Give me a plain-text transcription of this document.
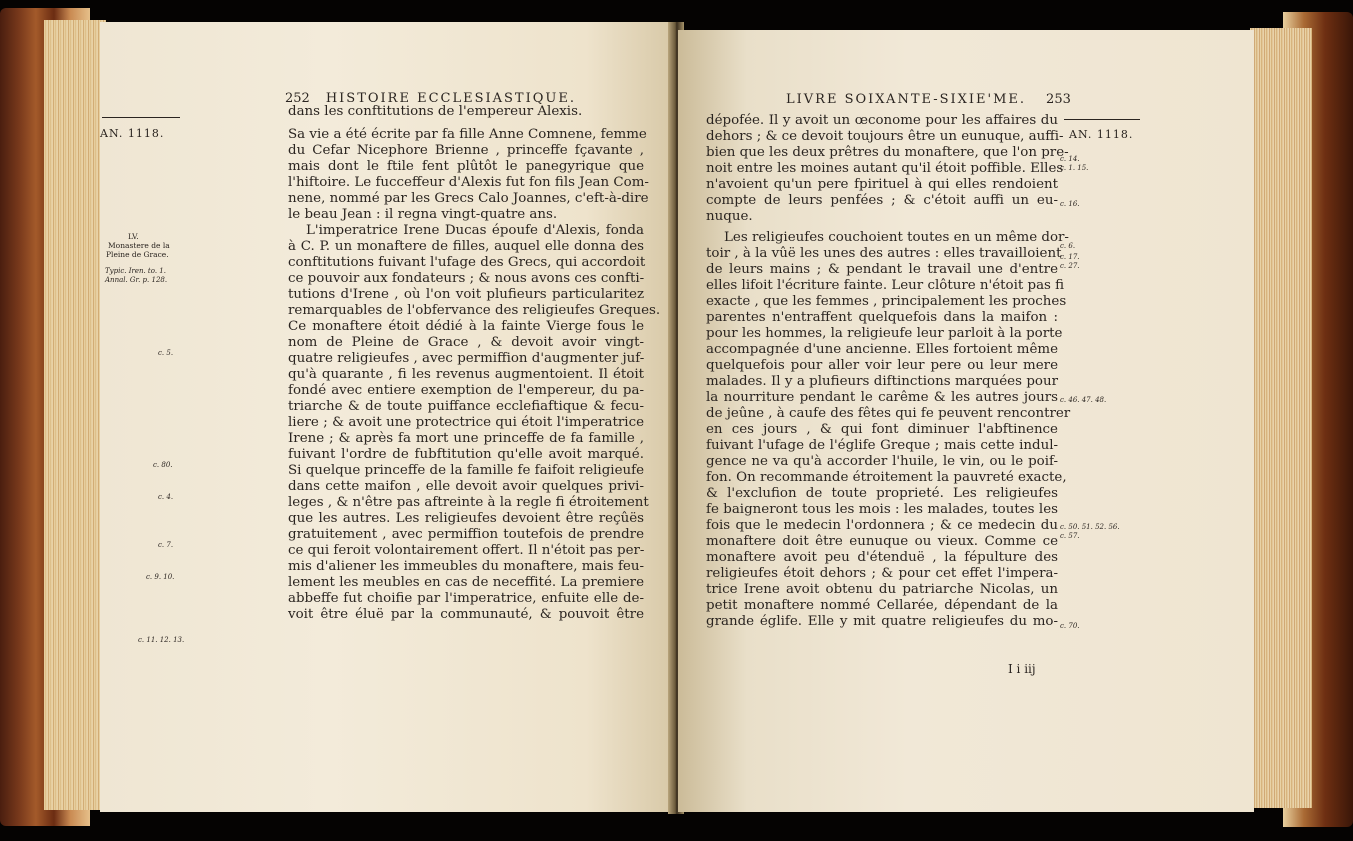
252 HISTOIRE ECCLESIASTIQUE.
AN. 1118.
LV.
Monastere de la
Pleine de Grace.
Typic. Iren. to. 1.
Annal. Gr. p. 128.
c. 5.
c. 80.
c. 4.
c. 7.
c. 9. 10.
c. 11. 12. 13.
dans les conftitutions de l'empereur Alexis.
Sa vie a été écrite par fa fille Anne Comnene, femme
du Cefar Nicephore Brienne , princeffe fçavante ,
mais dont le ftile fent plûtôt le panegyrique que
l'hiftoire. Le fucceffeur d'Alexis fut fon fils Jean Com-
nene, nommé par les Grecs Calo Joannes, c'eft-à-dire
le beau Jean : il regna vingt-quatre ans.
L'imperatrice Irene Ducas époufe d'Alexis, fonda
à C. P. un monaftere de filles, auquel elle donna des
conftitutions fuivant l'ufage des Grecs, qui accordoit
ce pouvoir aux fondateurs ; & nous avons ces confti-
tutions d'Irene , où l'on voit plufieurs particularitez
remarquables de l'obfervance des religieufes Greques.
Ce monaftere étoit dédié à la fainte Vierge fous le
nom de Pleine de Grace , & devoit avoir vingt-
quatre religieufes , avec permiffion d'augmenter juf-
qu'à quarante , fi les revenus augmentoient. Il étoit
fondé avec entiere exemption de l'empereur, du pa-
triarche & de toute puiffance ecclefiaftique & fecu-
liere ; & avoit une protectrice qui étoit l'imperatrice
Irene ; & après fa mort une princeffe de fa famille ,
fuivant l'ordre de fubftitution qu'elle avoit marqué.
Si quelque princeffe de la famille fe faifoit religieufe
dans cette maifon , elle devoit avoir quelques privi-
leges , & n'être pas aftreinte à la regle fi étroitement
que les autres. Les religieufes devoient être reçûës
gratuitement , avec permiffion toutefois de prendre
ce qui feroit volontairement offert. Il n'étoit pas per-
mis d'aliener les immeubles du monaftere, mais feu-
lement les meubles en cas de neceffité. La premiere
abbeffe fut choifie par l'imperatrice, enfuite elle de-
voit être éluë par la communauté, & pouvoit être
LIVRE SOIXANTE-SIXIE'ME. 253
AN. 1118.
c. 14.
c. 1. 15.
c. 16.
c. 6.
c. 17.
c. 27.
c. 46. 47. 48.
c. 50. 51. 52. 56.
c. 57.
c. 70.
dépofée. Il y avoit un œconome pour les affaires du
dehors ; & ce devoit toujours être un eunuque, auffi-
bien que les deux prêtres du monaftere, que l'on pre-
noit entre les moines autant qu'il étoit poffible. Elles
n'avoient qu'un pere fpirituel à qui elles rendoient
compte de leurs penfées ; & c'étoit auffi un eu-
nuque.
Les religieufes couchoient toutes en un même dor-
toir , à la vûë les unes des autres : elles travailloient
de leurs mains ; & pendant le travail une d'entre
elles lifoit l'écriture fainte. Leur clôture n'étoit pas fi
exacte , que les femmes , principalement les proches
parentes n'entraffent quelquefois dans la maifon :
pour les hommes, la religieufe leur parloit à la porte
accompagnée d'une ancienne. Elles fortoient même
quelquefois pour aller voir leur pere ou leur mere
malades. Il y a plufieurs diftinctions marquées pour
la nourriture pendant le carême & les autres jours
de jeûne , à caufe des fêtes qui fe peuvent rencontrer
en ces jours , & qui font diminuer l'abftinence
fuivant l'ufage de l'églife Greque ; mais cette indul-
gence ne va qu'à accorder l'huile, le vin, ou le poif-
fon. On recommande étroitement la pauvreté exacte,
& l'exclufion de toute proprieté. Les religieufes
fe baigneront tous les mois : les malades, toutes les
fois que le medecin l'ordonnera ; & ce medecin du
monaftere doit être eunuque ou vieux. Comme ce
monaftere avoit peu d'étenduë , la fépulture des
religieufes étoit dehors ; & pour cet effet l'impera-
trice Irene avoit obtenu du patriarche Nicolas, un
petit monaftere nommé Cellarée, dépendant de la
grande églife. Elle y mit quatre religieufes du mo-
I i iij
